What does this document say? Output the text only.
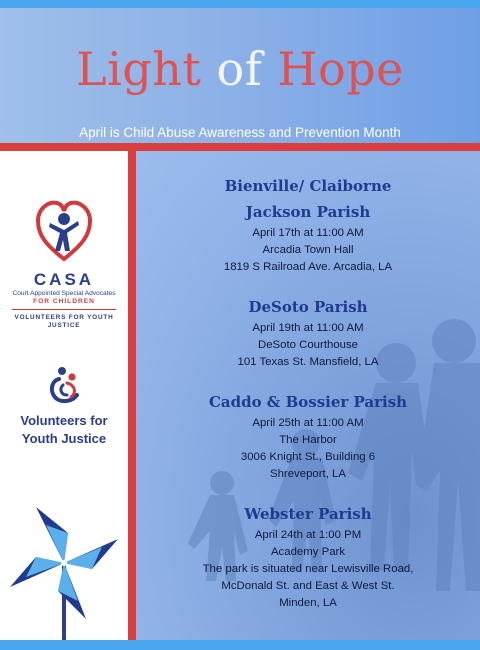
Light of Hope
April is Child Abuse Awareness and Prevention Month
CASA
Court Appointed Special Advocates
FOR CHILDREN
VOLUNTEERS FOR YOUTH
JUSTICE
Volunteers for
Youth Justice
Bienville/ Claiborne
Jackson Parish
April 17th at 11:00 AM
Arcadia Town Hall
1819 S Railroad Ave. Arcadia, LA
DeSoto Parish
April 19th at 11:00 AM
DeSoto Courthouse
101 Texas St. Mansfield, LA
Caddo & Bossier Parish
April 25th at 11:00 AM
The Harbor
3006 Knight St., Building 6
Shreveport, LA
Webster Parish
April 24th at 1:00 PM
Academy Park
The park is situated near Lewisville Road,
McDonald St. and East & West St.
Minden, LA
